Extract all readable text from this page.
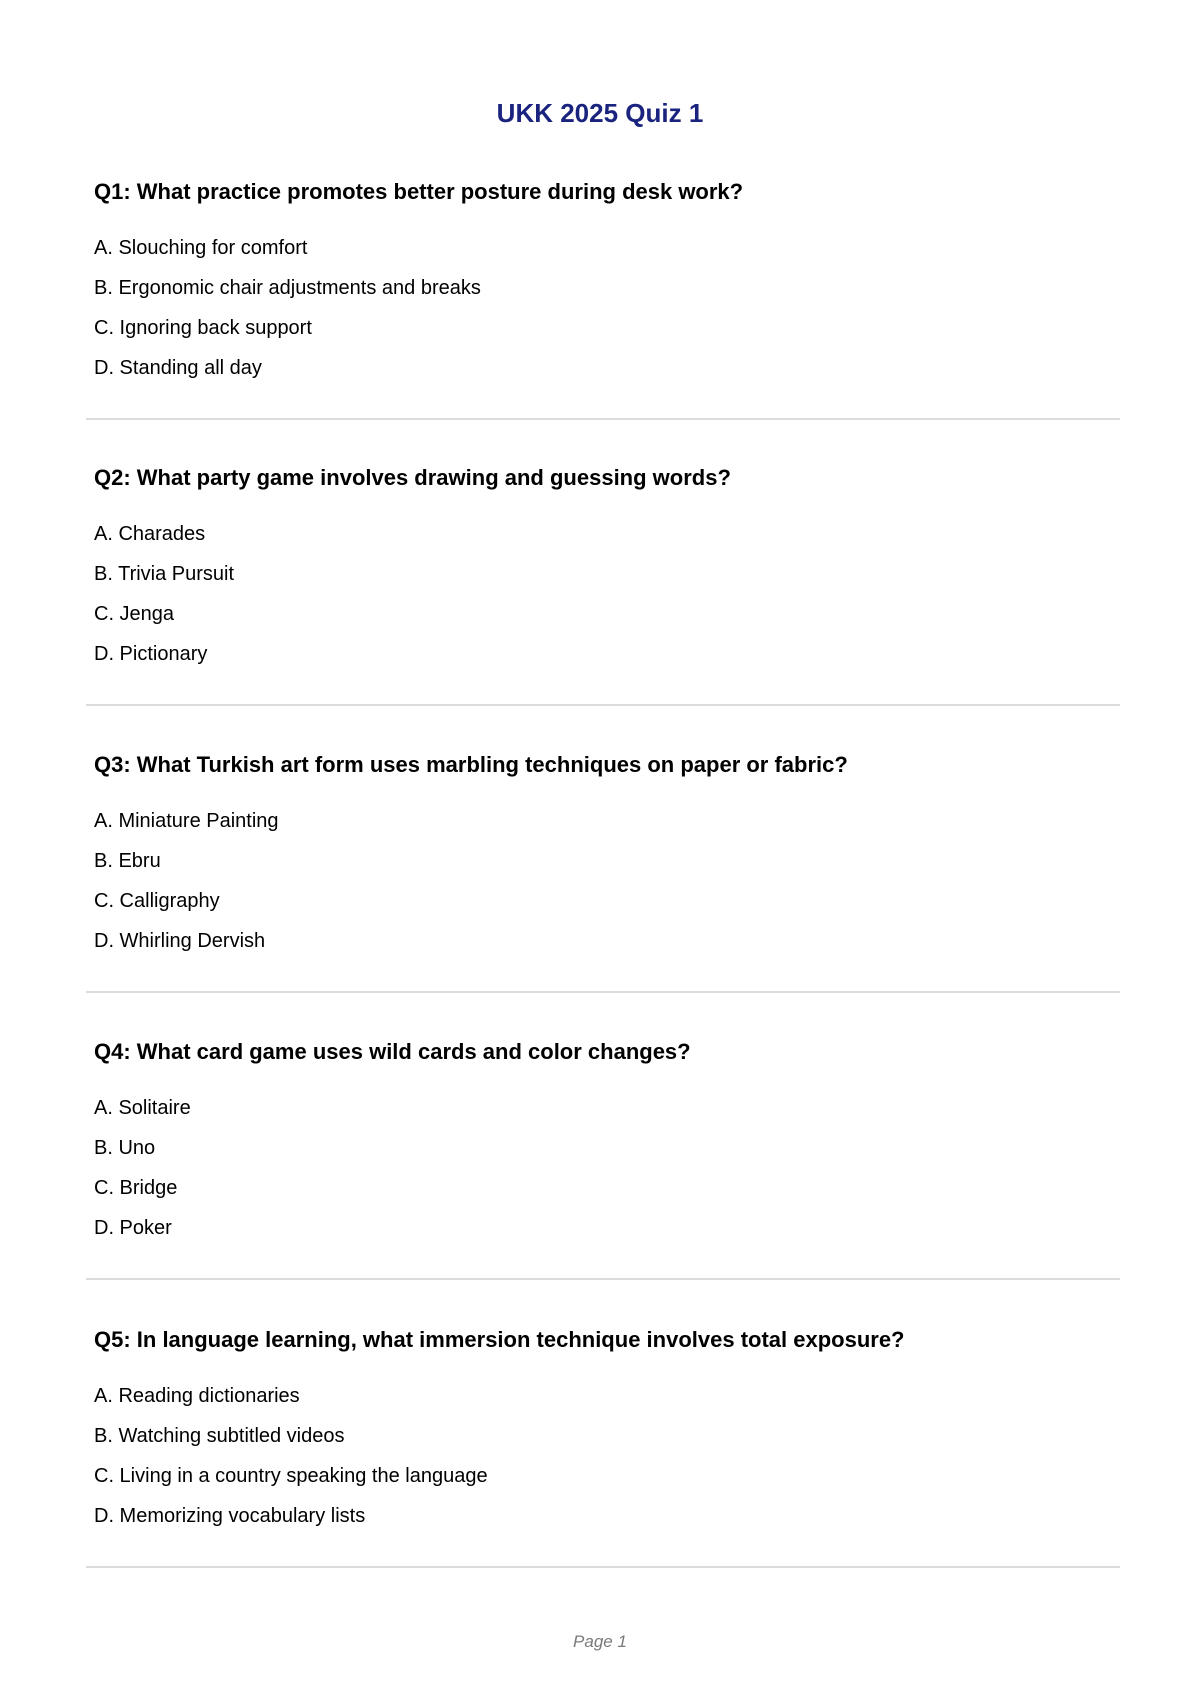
UKK 2025 Quiz 1
Q1: What practice promotes better posture during desk work?
A. Slouching for comfort
B. Ergonomic chair adjustments and breaks
C. Ignoring back support
D. Standing all day
Q2: What party game involves drawing and guessing words?
A. Charades
B. Trivia Pursuit
C. Jenga
D. Pictionary
Q3: What Turkish art form uses marbling techniques on paper or fabric?
A. Miniature Painting
B. Ebru
C. Calligraphy
D. Whirling Dervish
Q4: What card game uses wild cards and color changes?
A. Solitaire
B. Uno
C. Bridge
D. Poker
Q5: In language learning, what immersion technique involves total exposure?
A. Reading dictionaries
B. Watching subtitled videos
C. Living in a country speaking the language
D. Memorizing vocabulary lists
Page 1
